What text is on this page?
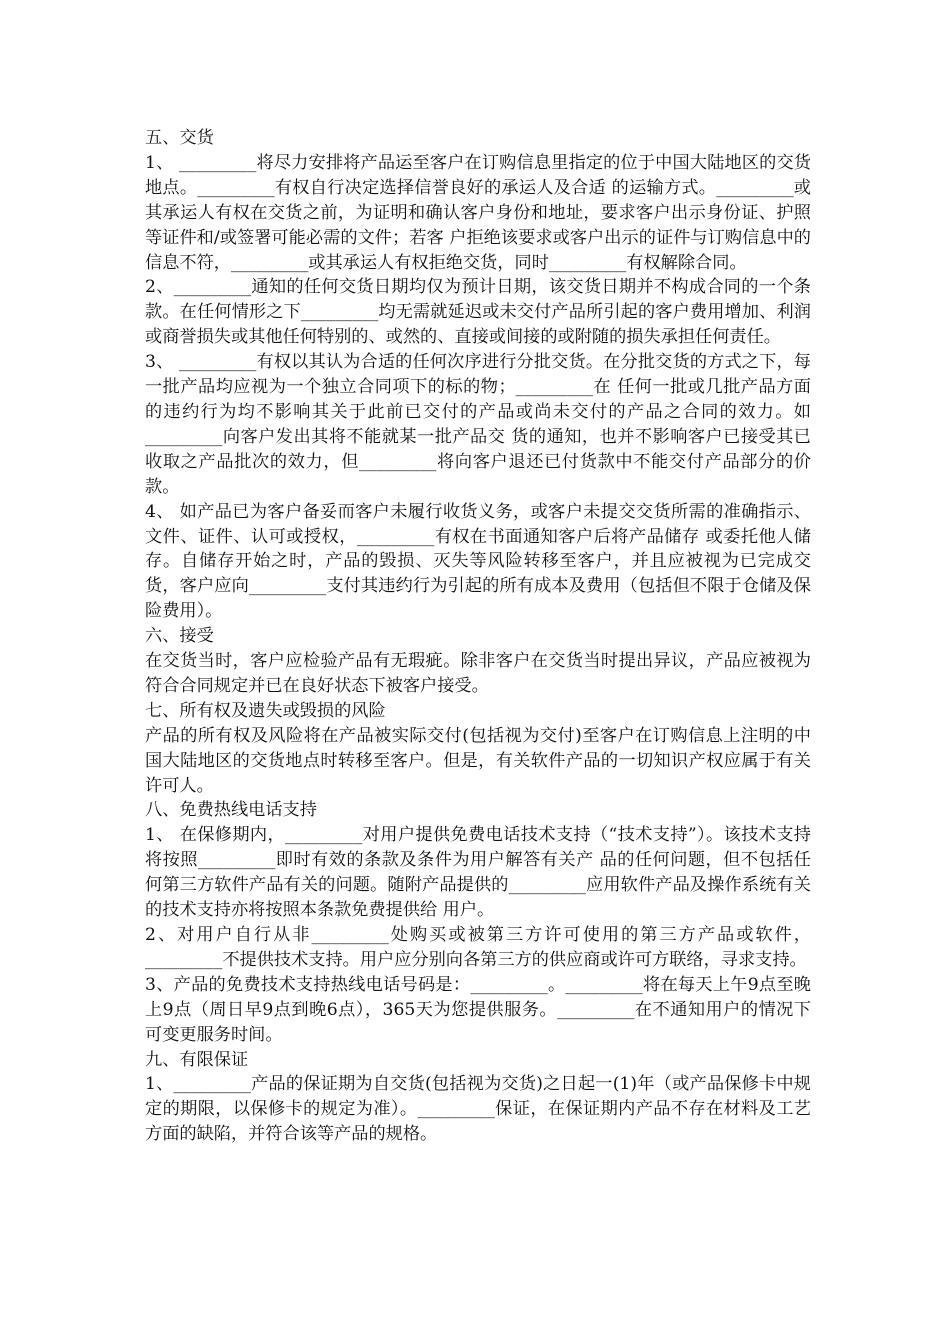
五、交货

1、 _________将尽力安排将产品运至客户在订购信息里指定的位于中国大陆地区的交货地点。_________有权自行决定选择信誉良好的承运人及合适 的运输方式。_________或其承运人有权在交货之前，为证明和确认客户身份和地址，要求客户出示身份证、护照等证件和/或签署可能必需的文件；若客 户拒绝该要求或客户出示的证件与订购信息中的信息不符，_________或其承运人有权拒绝交货，同时_________有权解除合同。

2、_________通知的任何交货日期均仅为预计日期，该交货日期并不构成合同的一个条款。在任何情形之下_________均无需就延迟或未交付产品所引起的客户费用增加、利润或商誉损失或其他任何特别的、或然的、直接或间接的或附随的损失承担任何责任。

3、 _________有权以其认为合适的任何次序进行分批交货。在分批交货的方式之下，每一批产品均应视为一个独立合同项下的标的物；_________在 任何一批或几批产品方面的违约行为均不影响其关于此前已交付的产品或尚未交付的产品之合同的效力。如_________向客户发出其将不能就某一批产品交 货的通知，也并不影响客户已接受其已收取之产品批次的效力，但_________将向客户退还已付货款中不能交付产品部分的价款。

4、 如产品已为客户备妥而客户未履行收货义务，或客户未提交交货所需的准确指示、文件、证件、认可或授权，_________有权在书面通知客户后将产品储存 或委托他人储存。自储存开始之时，产品的毁损、灭失等风险转移至客户，并且应被视为已完成交货，客户应向_________支付其违约行为引起的所有成本及费用（包括但不限于仓储及保险费用）。

六、接受

在交货当时，客户应检验产品有无瑕疵。除非客户在交货当时提出异议，产品应被视为符合合同规定并已在良好状态下被客户接受。

七、所有权及遗失或毁损的风险

产品的所有权及风险将在产品被实际交付(包括视为交付)至客户在订购信息上注明的中国大陆地区的交货地点时转移至客户。但是，有关软件产品的一切知识产权应属于有关许可人。

八、免费热线电话支持

1、 在保修期内，_________对用户提供免费电话技术支持（“技术支持”）。该技术支持将按照_________即时有效的条款及条件为用户解答有关产 品的任何问题，但不包括任何第三方软件产品有关的问题。随附产品提供的_________应用软件产品及操作系统有关的技术支持亦将按照本条款免费提供给 用户。

2、对用户自行从非_________处购买或被第三方许可使用的第三方产品或软件，_________不提供技术支持。用户应分别向各第三方的供应商或许可方联络，寻求支持。

3、产品的免费技术支持热线电话号码是：_________。_________将在每天上午9点至晚上9点（周日早9点到晚6点），365天为您提供服务。_________在不通知用户的情况下可变更服务时间。

九、有限保证

1、_________产品的保证期为自交货(包括视为交货)之日起一(1)年（或产品保修卡中规定的期限，以保修卡的规定为准）。_________保证，在保证期内产品不存在材料及工艺方面的缺陷，并符合该等产品的规格。
